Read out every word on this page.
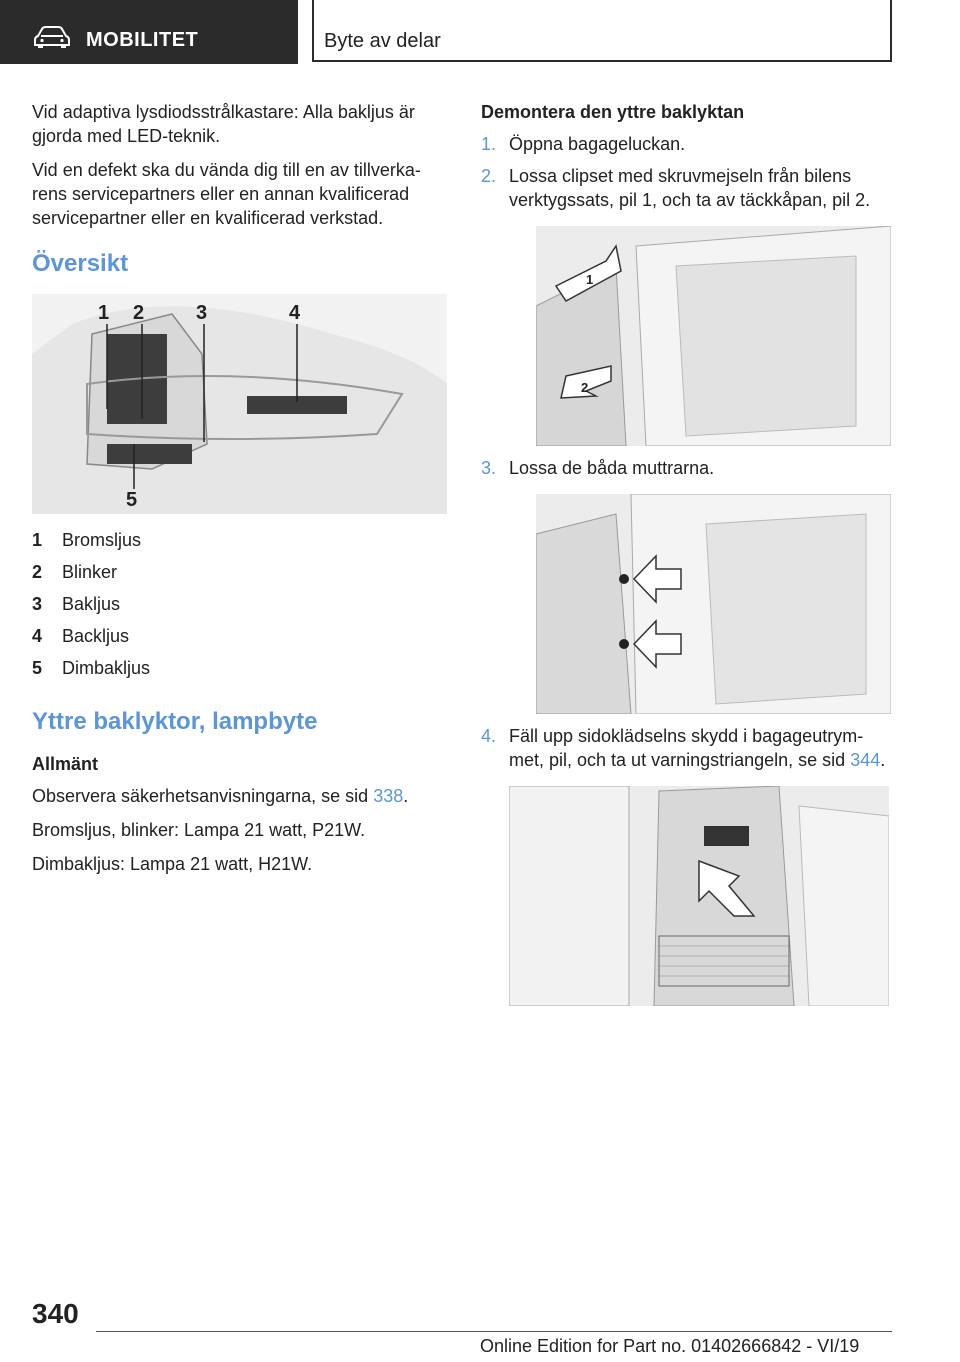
MOBILITET	Byte av delar

Vid adaptiva lysdiodsstrålkastare: Alla bakljus är gjorda med LED-teknik.

Vid en defekt ska du vända dig till en av tillverka-rens servicepartners eller en annan kvalificerad servicepartner eller en kvalificerad verkstad.

Översikt
1 2	3	4
5
1	Bromsljus
2	Blinker
3	Bakljus
4	Backljus
5	Dimbakljus
Yttre baklyktor, lampbyte
Allmänt

Observera säkerhetsanvisningarna, se sid 338.

Bromsljus, blinker: Lampa 21 watt, P21W.

Dimbakljus: Lampa 21 watt, H21W.

Demontera den yttre baklyktan
1. Öppna bagageluckan.
2. Lossa clipset med skruvmejseln från bilens verktygssats, pil 1, och ta av täckkåpan, pil 2.
1
2
3. Lossa de båda muttrarna.
4. Fäll upp sidoklädselns skydd i bagageutrym-met, pil, och ta ut varningstriangeln, se sid 344.
340
Online Edition for Part no. 01402666842 - VI/19
